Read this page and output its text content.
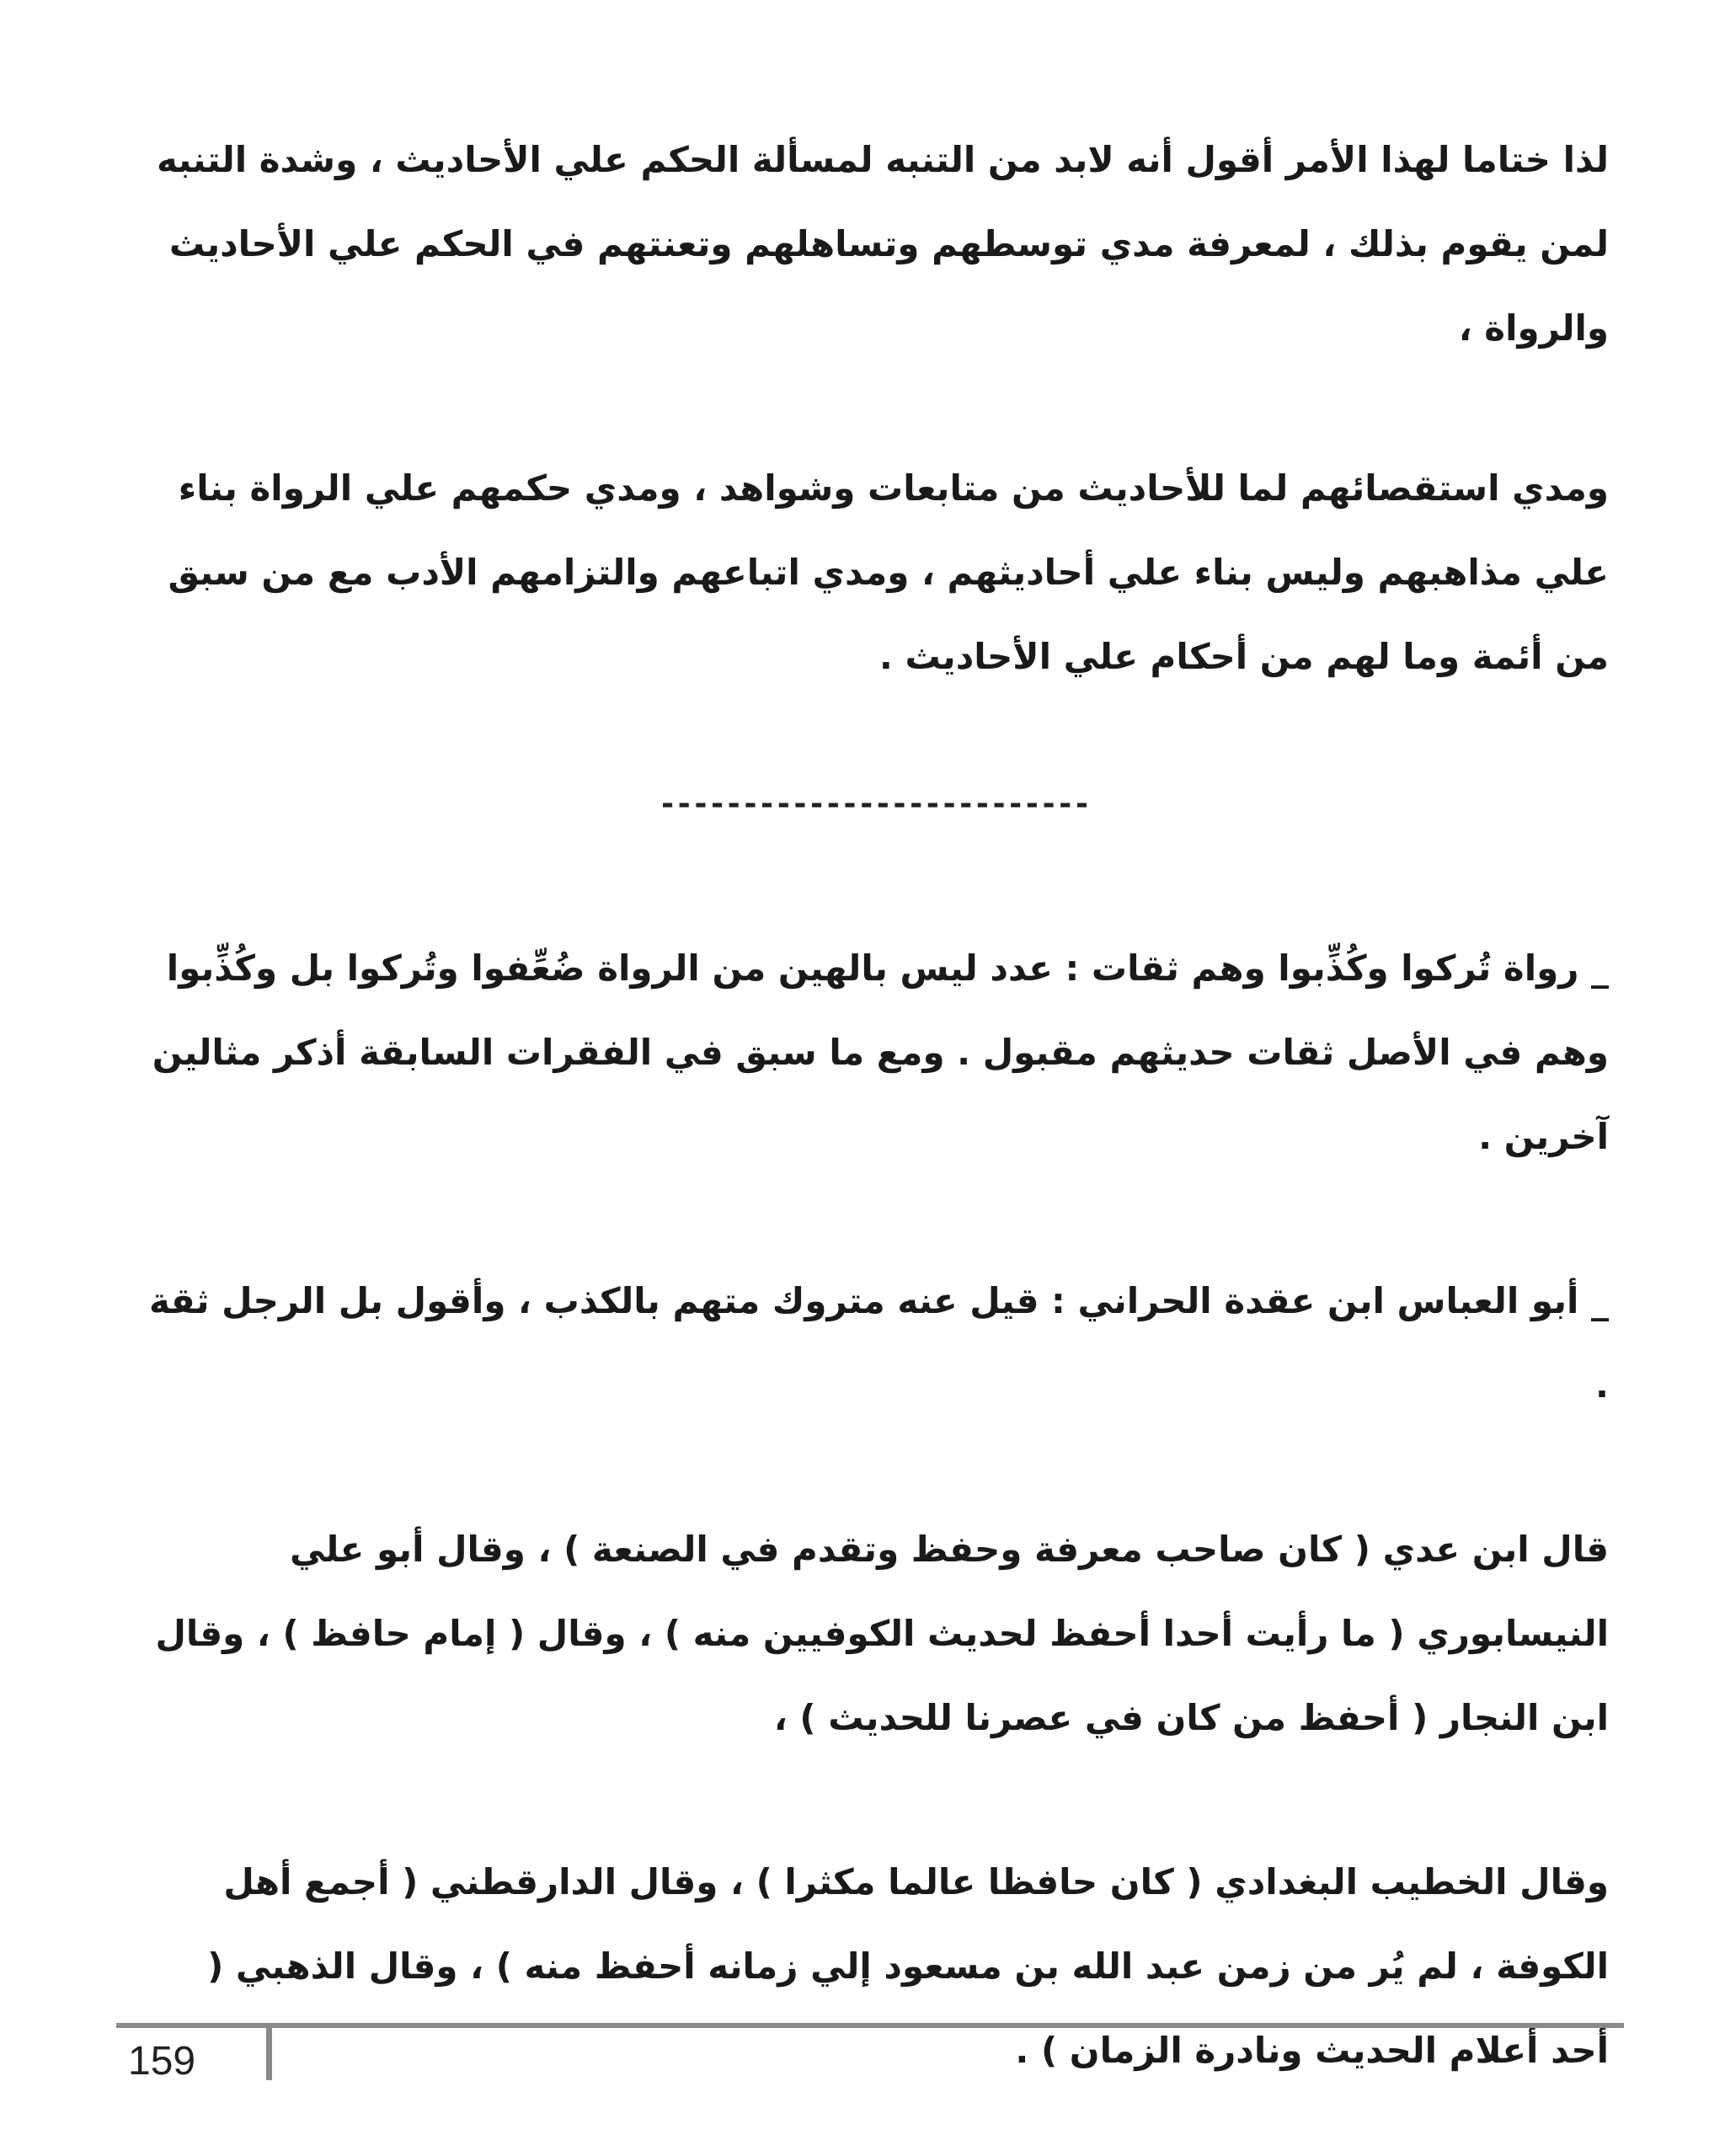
لذا ختاما لهذا الأمر أقول أنه لابد من التنبه لمسألة الحكم علي الأحاديث ، وشدة التنبه لمن يقوم بذلك ، لمعرفة مدي توسطهم وتساهلهم وتعنتهم في الحكم علي الأحاديث والرواة ،

ومدي استقصائهم لما للأحاديث من متابعات وشواهد ، ومدي حكمهم علي الرواة بناء علي مذاهبهم وليس بناء علي أحاديثهم ، ومدي اتباعهم والتزامهم الأدب مع من سبق من أئمة وما لهم من أحكام علي الأحاديث .

--------------------------

_ رواة تُركوا وكُذِّبوا وهم ثقات : عدد ليس بالهين من الرواة ضُعِّفوا وتُركوا بل وكُذِّبوا وهم في الأصل ثقات حديثهم مقبول . ومع ما سبق في الفقرات السابقة أذكر مثالين آخرين .

_ أبو العباس ابن عقدة الحراني : قيل عنه متروك متهم بالكذب ، وأقول بل الرجل ثقة .

قال ابن عدي ( كان صاحب معرفة وحفظ وتقدم في الصنعة ) ، وقال أبو علي النيسابوري ( ما رأيت أحدا أحفظ لحديث الكوفيين منه ) ، وقال ( إمام حافظ ) ، وقال ابن النجار ( أحفظ من كان في عصرنا للحديث ) ،

وقال الخطيب البغدادي ( كان حافظا عالما مكثرا ) ، وقال الدارقطني ( أجمع أهل الكوفة ، لم يُر من زمن عبد الله بن مسعود إلي زمانه أحفظ منه ) ، وقال الذهبي ( أحد أعلام الحديث ونادرة الزمان ) .

159
